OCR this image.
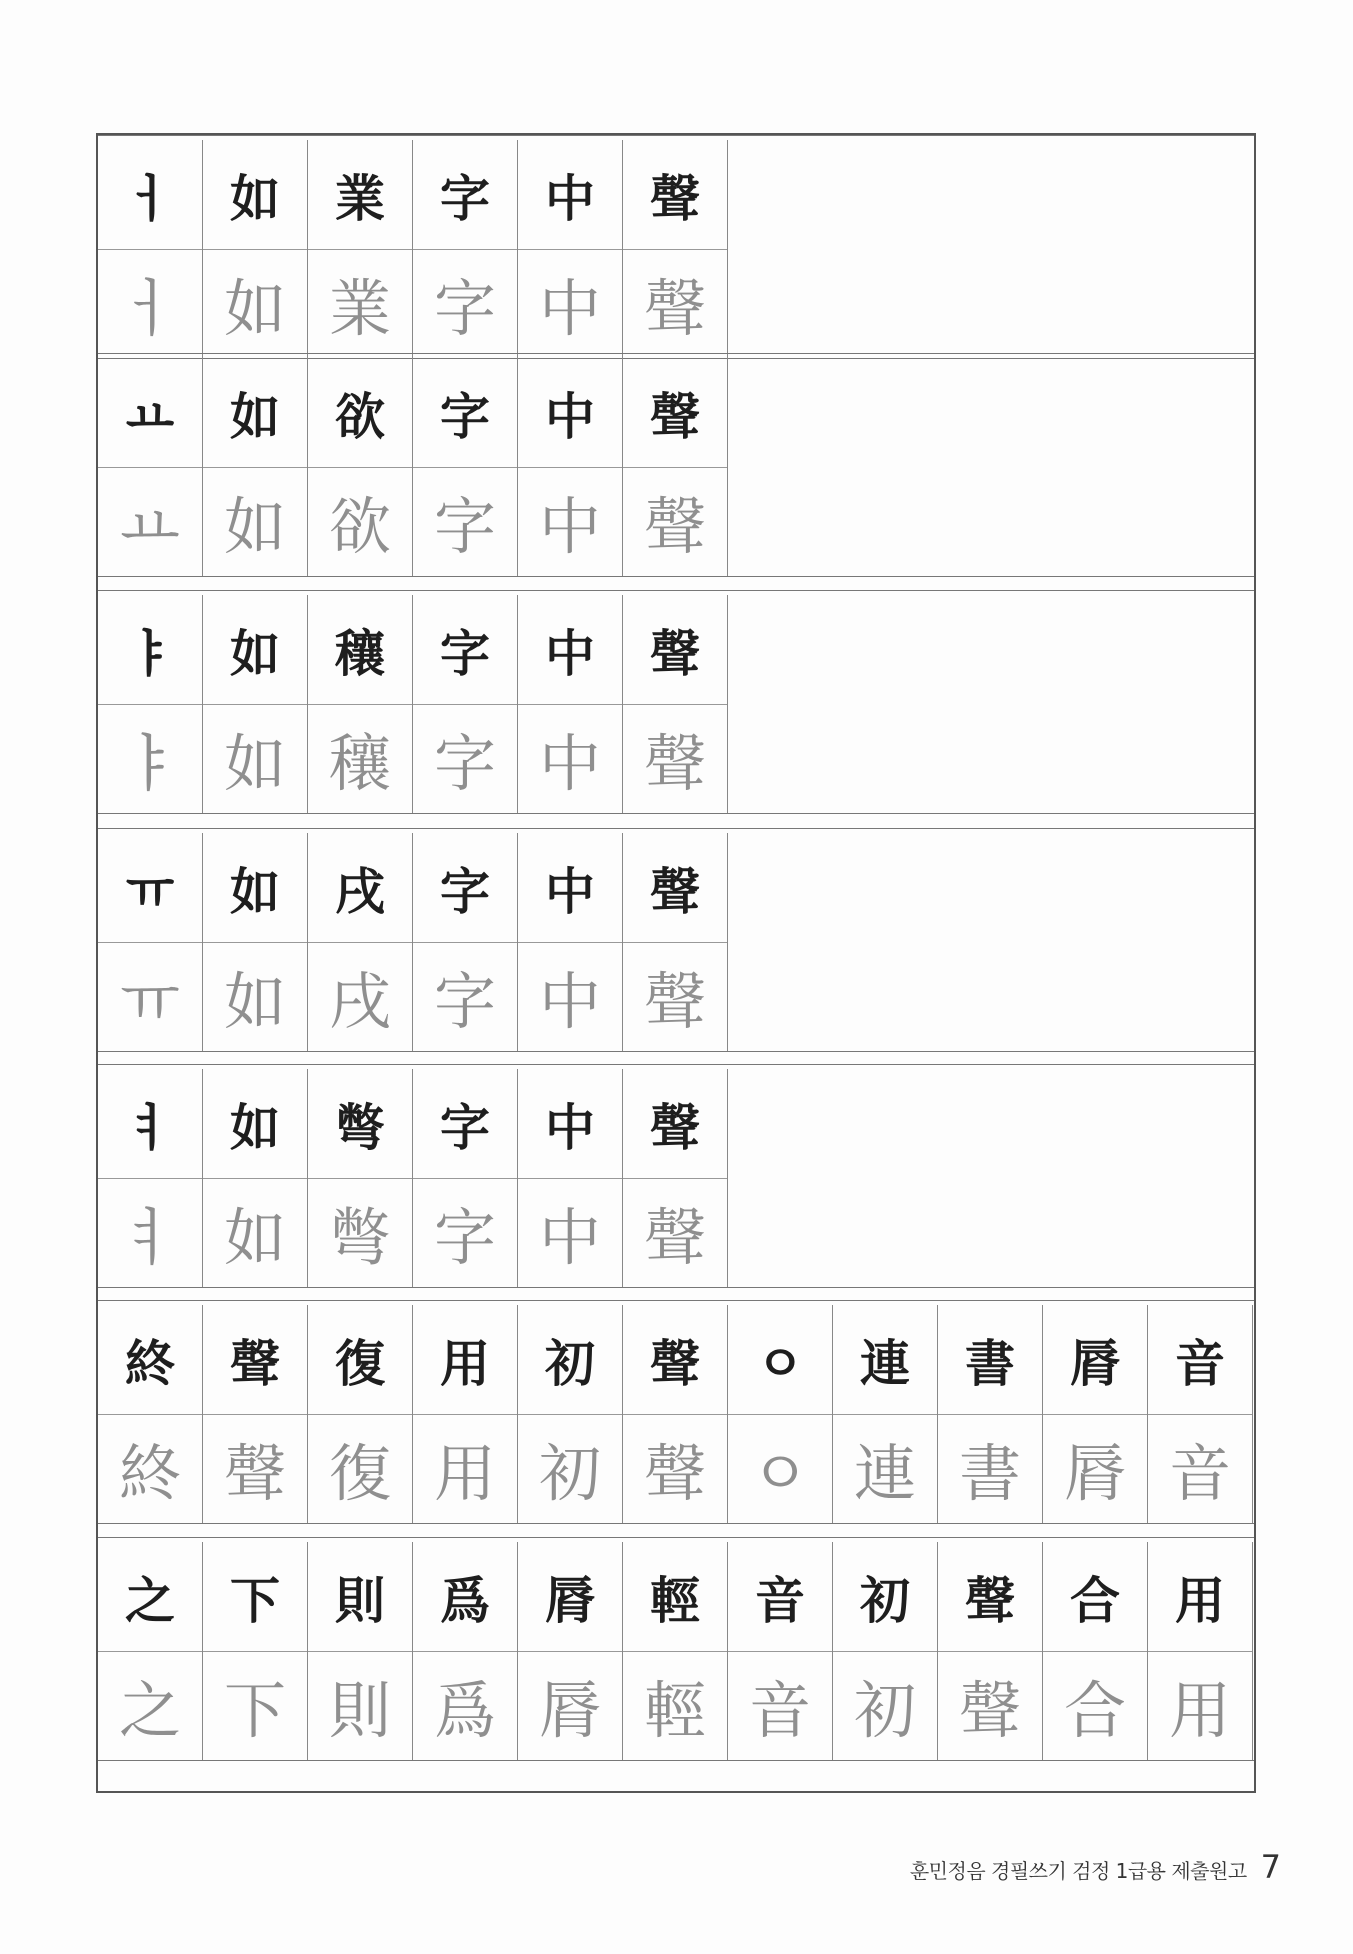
ㅓ	如	業	字	中	聲
ㅓ 如 業 字 中 聲
ㅛ	如	欲	字	中	聲
ㅛ 如 欲 字 中 聲
ㅑ	如	穰	字	中	聲
ㅑ 如 穰 字 中 聲
ㅠ	如	戌	字	中	聲
ㅠ 如 戌 字 中 聲
ㅕ	如	彆	字	中	聲
ㅕ 如 彆 字 中 聲
終	聲	復	用	初	聲	ㅇ	連	書	脣	音
終 聲 復 用 初 聲 ㅇ 連 書 脣 音
之	下	則	爲	脣	輕	音	初	聲	合	用
之 下 則 爲 脣 輕 音 初 聲 合 用
훈민정음 경필쓰기 검정 1급용 제출원고 7
